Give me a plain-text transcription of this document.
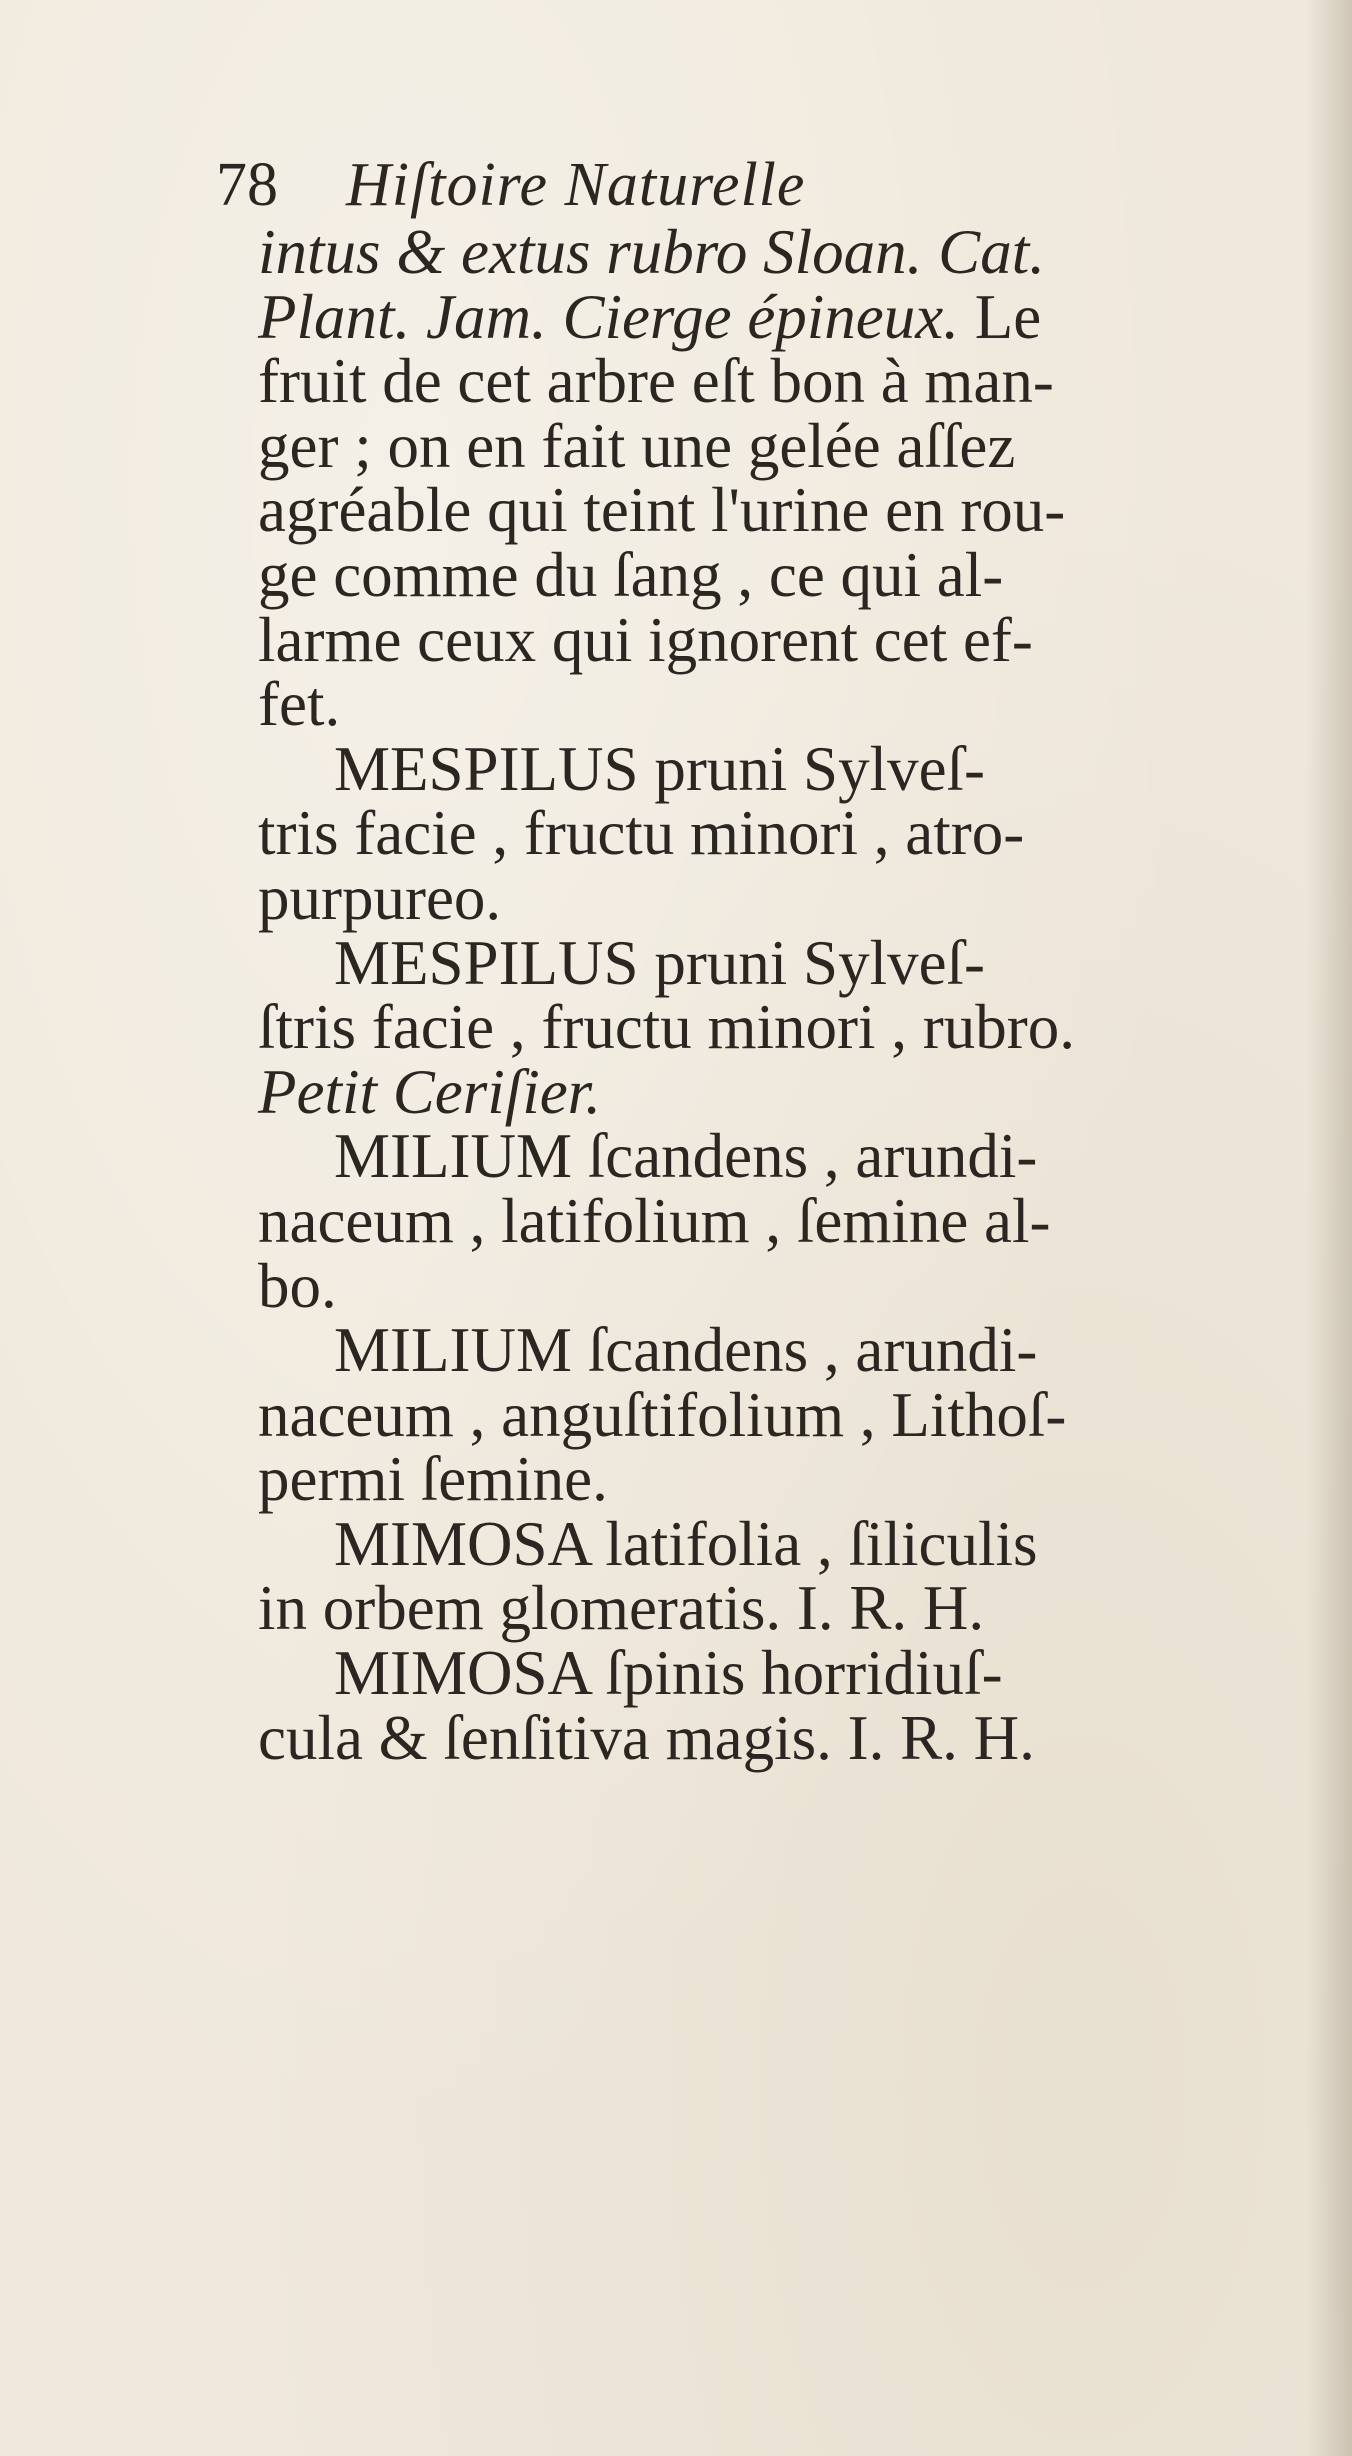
78 Hiſtoire Naturelle
intus & extus rubro Sloan. Cat.
Plant. Jam. Cierge épineux. Le
fruit de cet arbre eſt bon à man-
ger ; on en fait une gelée aſſez
agréable qui teint l'urine en rou-
ge comme du ſang , ce qui al-
larme ceux qui ignorent cet ef-
fet.
MESPILUS pruni Sylveſ-
tris facie , fructu minori , atro-
purpureo.
MESPILUS pruni Sylveſ-
ſtris facie , fructu minori , rubro.
Petit Ceriſier.
MILIUM ſcandens , arundi-
naceum , latifolium , ſemine al-
bo.
MILIUM ſcandens , arundi-
naceum , anguſtifolium , Lithoſ-
permi ſemine.
MIMOSA latifolia , ſiliculis
in orbem glomeratis. I. R. H.
MIMOSA ſpinis horridiuſ-
cula & ſenſitiva magis. I. R. H.
